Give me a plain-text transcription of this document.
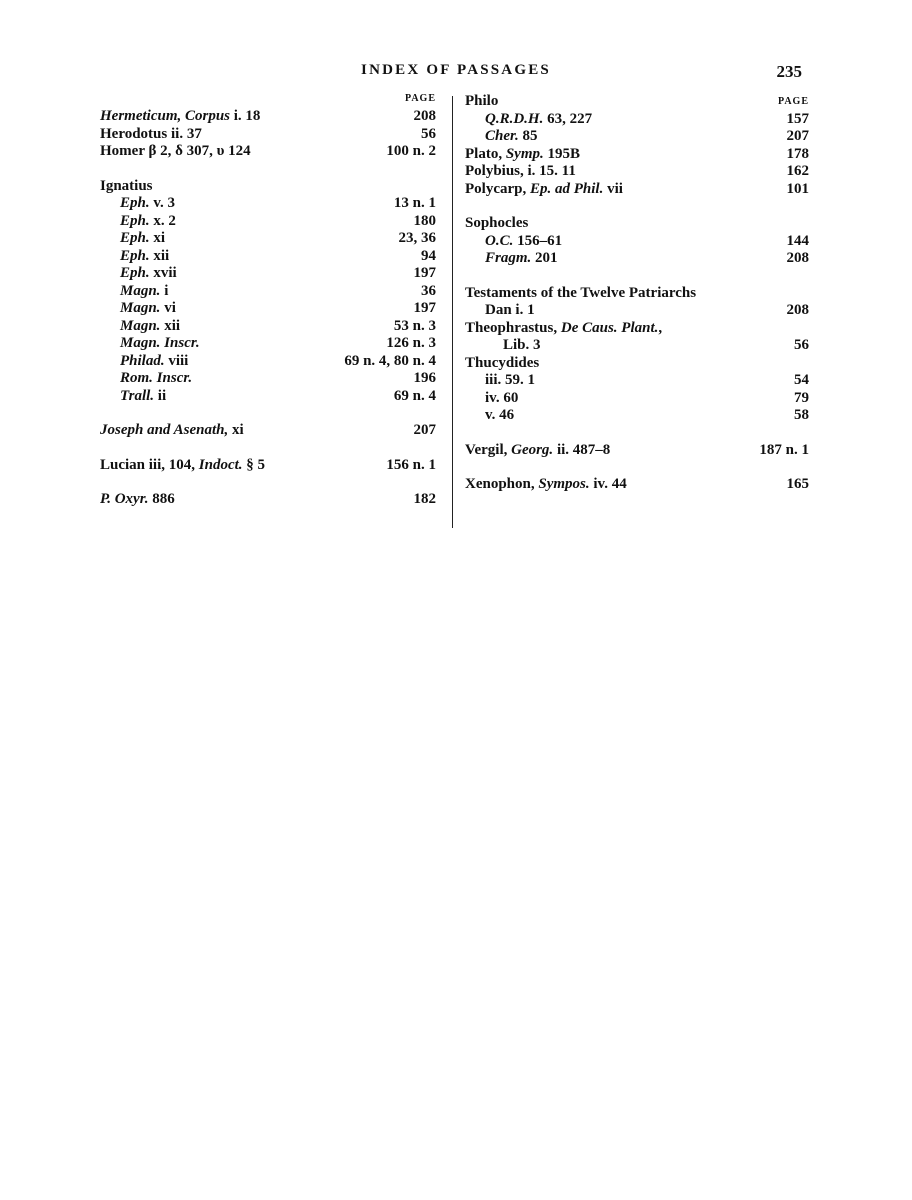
INDEX OF PASSAGES	235
PAGE
Hermeticum, Corpus i. 18	208
Herodotus ii. 37	56
Homer β 2, δ 307, υ 124	100 n. 2
Ignatius
Eph. v. 3	13 n. 1
Eph. x. 2	180
Eph. xi	23, 36
Eph. xii	94
Eph. xvii	197
Magn. i	36
Magn. vi	197
Magn. xii	53 n. 3
Magn. Inscr.	126 n. 3
Philad. viii	69 n. 4, 80 n. 4
Rom. Inscr.	196
Trall. ii	69 n. 4
Joseph and Asenath, xi	207
Lucian iii, 104, Indoct. § 5	156 n. 1
P. Oxyr. 886	182
Philo	PAGE
Q.R.D.H. 63, 227	157
Cher. 85	207
Plato, Symp. 195B	178
Polybius, i. 15. 11	162
Polycarp, Ep. ad Phil. vii	101
Sophocles
O.C. 156–61	144
Fragm. 201	208
Testaments of the Twelve Patriarchs
Dan i. 1	208
Theophrastus, De Caus. Plant.,
Lib. 3	56
Thucydides
iii. 59. 1	54
iv. 60	79
v. 46	58
Vergil, Georg. ii. 487–8	187 n. 1
Xenophon, Sympos. iv. 44	165
